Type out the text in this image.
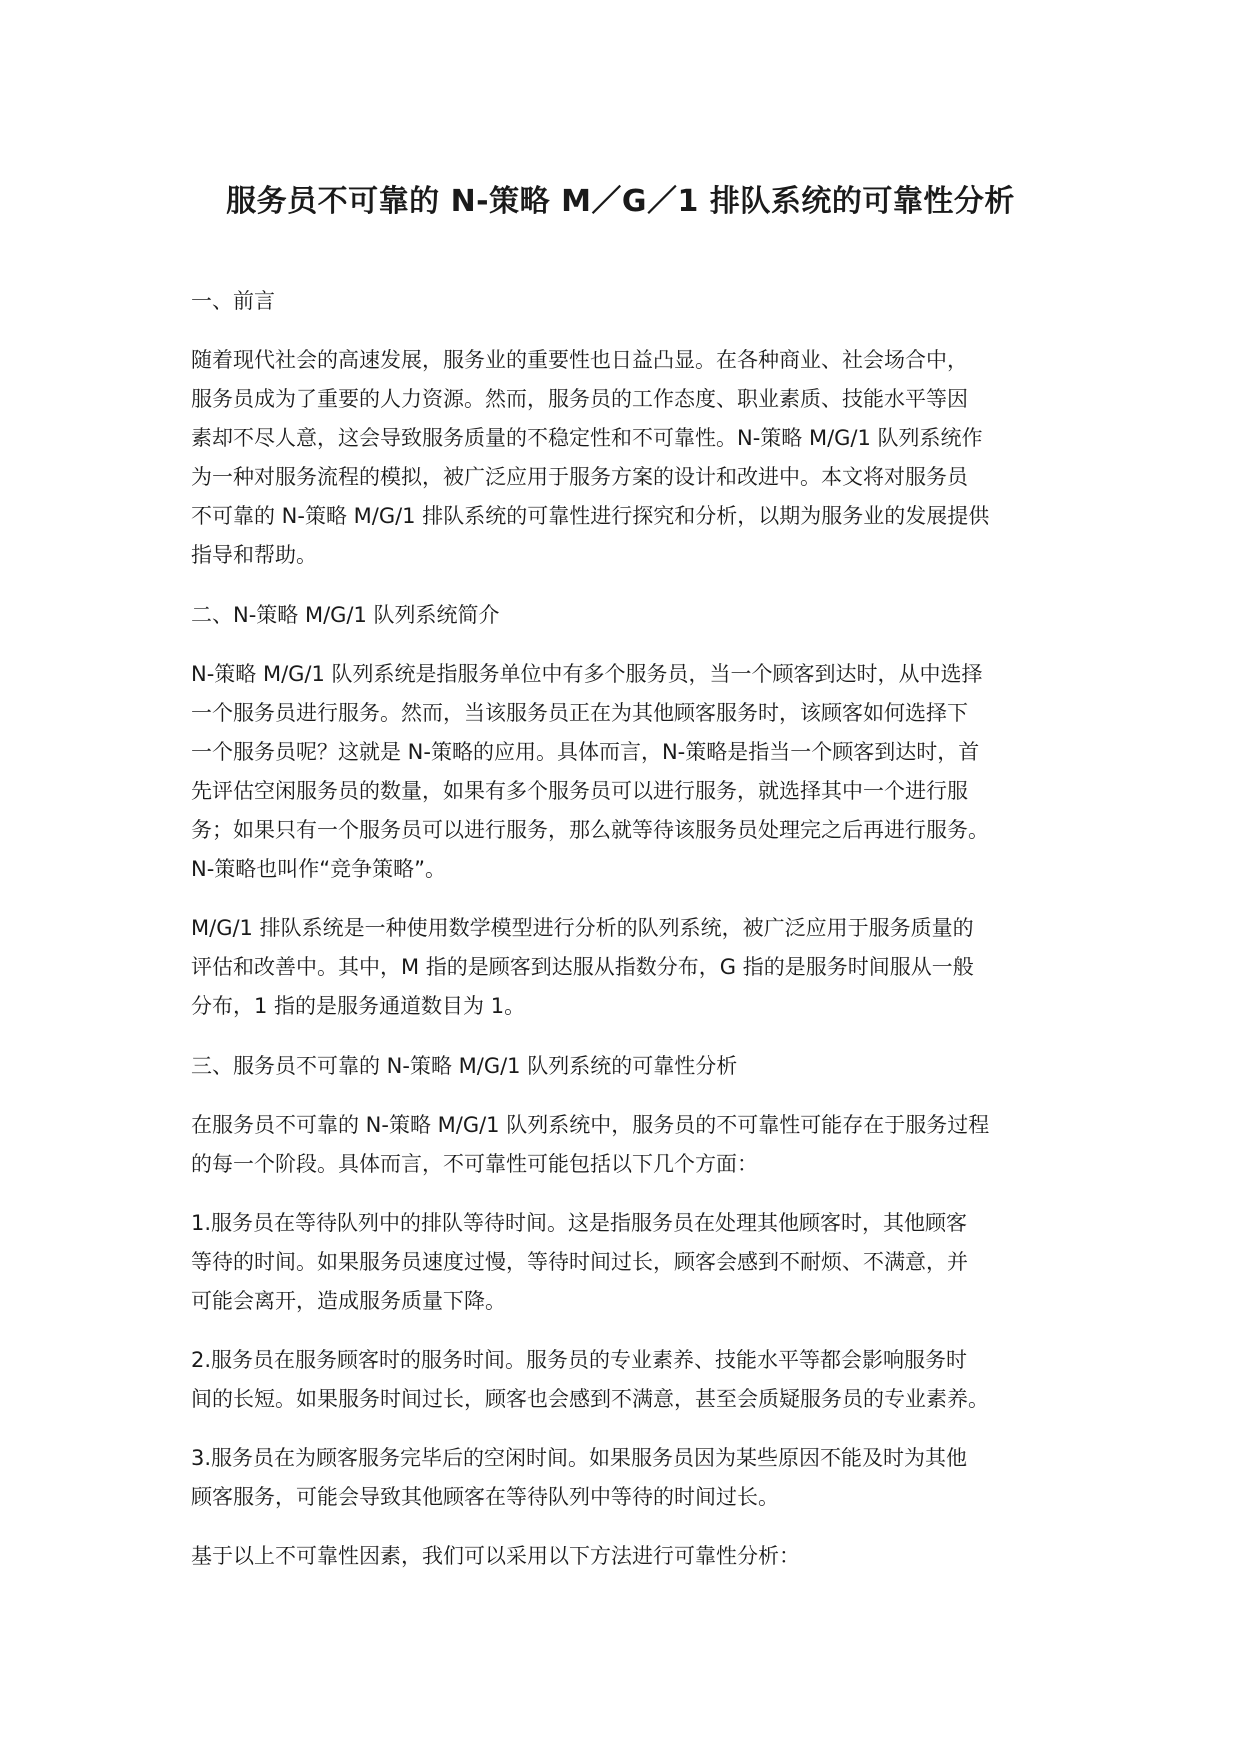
服务员不可靠的 N-策略 M／G／1 排队系统的可靠性分析
一、前言
随着现代社会的高速发展，服务业的重要性也日益凸显。在各种商业、社会场合中，
服务员成为了重要的人力资源。然而，服务员的工作态度、职业素质、技能水平等因
素却不尽人意，这会导致服务质量的不稳定性和不可靠性。N-策略 M/G/1 队列系统作
为一种对服务流程的模拟，被广泛应用于服务方案的设计和改进中。本文将对服务员
不可靠的 N-策略 M/G/1 排队系统的可靠性进行探究和分析，以期为服务业的发展提供
指导和帮助。
二、N-策略 M/G/1 队列系统简介
N-策略 M/G/1 队列系统是指服务单位中有多个服务员，当一个顾客到达时，从中选择
一个服务员进行服务。然而，当该服务员正在为其他顾客服务时，该顾客如何选择下
一个服务员呢？这就是 N-策略的应用。具体而言，N-策略是指当一个顾客到达时，首
先评估空闲服务员的数量，如果有多个服务员可以进行服务，就选择其中一个进行服
务；如果只有一个服务员可以进行服务，那么就等待该服务员处理完之后再进行服务。
N-策略也叫作“竞争策略”。
M/G/1 排队系统是一种使用数学模型进行分析的队列系统，被广泛应用于服务质量的
评估和改善中。其中，M 指的是顾客到达服从指数分布，G 指的是服务时间服从一般
分布，1 指的是服务通道数目为 1。
三、服务员不可靠的 N-策略 M/G/1 队列系统的可靠性分析
在服务员不可靠的 N-策略 M/G/1 队列系统中，服务员的不可靠性可能存在于服务过程
的每一个阶段。具体而言，不可靠性可能包括以下几个方面：
1.服务员在等待队列中的排队等待时间。这是指服务员在处理其他顾客时，其他顾客
等待的时间。如果服务员速度过慢，等待时间过长，顾客会感到不耐烦、不满意，并
可能会离开，造成服务质量下降。
2.服务员在服务顾客时的服务时间。服务员的专业素养、技能水平等都会影响服务时
间的长短。如果服务时间过长，顾客也会感到不满意，甚至会质疑服务员的专业素养。
3.服务员在为顾客服务完毕后的空闲时间。如果服务员因为某些原因不能及时为其他
顾客服务，可能会导致其他顾客在等待队列中等待的时间过长。
基于以上不可靠性因素，我们可以采用以下方法进行可靠性分析：
